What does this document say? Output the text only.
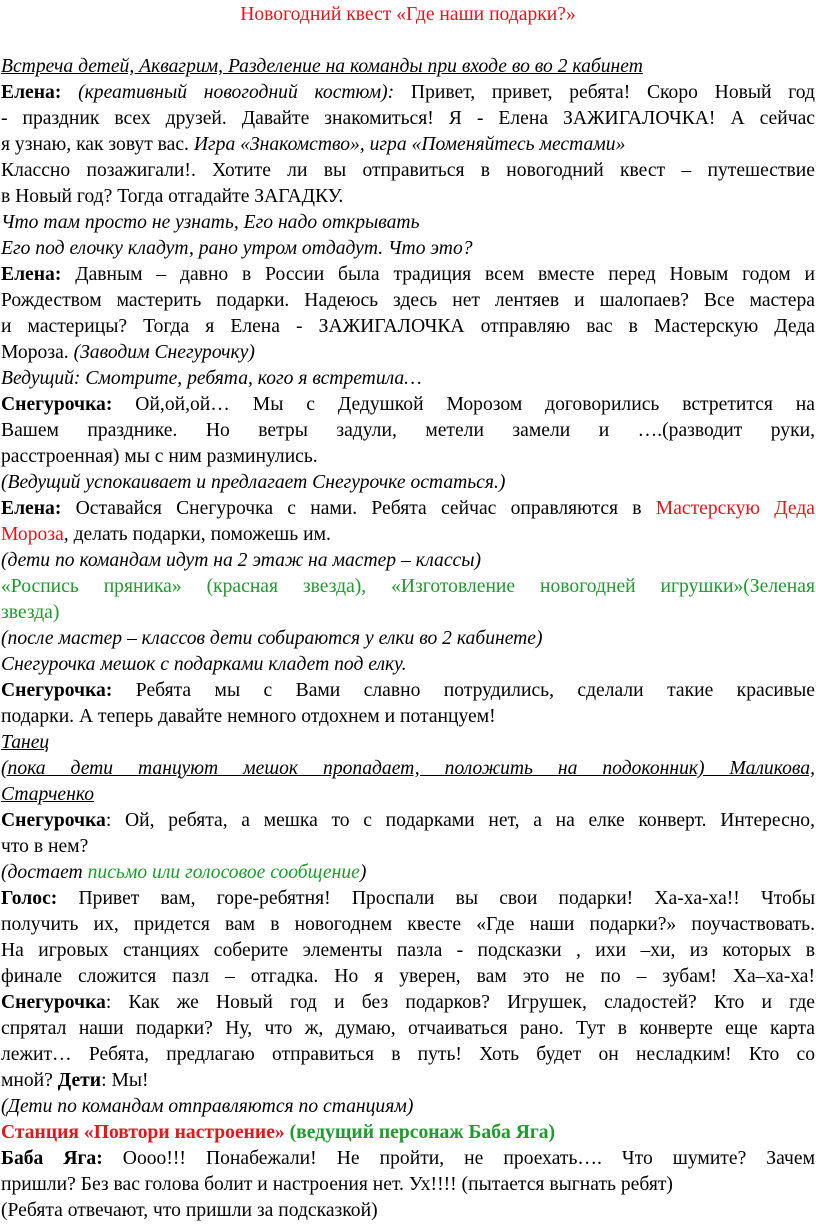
Новогодний квест «Где наши подарки?»
Встреча детей, Аквагрим, Разделение на команды при входе во во 2 кабинет
Елена: (креативный новогодний костюм): Привет, привет, ребята! Скоро Новый год
- праздник всех друзей. Давайте знакомиться! Я - Елена ЗАЖИГАЛОЧКА! А сейчас
я узнаю, как зовут вас. Игра «Знакомство», игра «Поменяйтесь местами»
Классно позажигали!. Хотите ли вы отправиться в новогодний квест – путешествие
в Новый год? Тогда отгадайте ЗАГАДКУ.
Что там просто не узнать, Его надо открывать
Его под елочку кладут, рано утром отдадут. Что это?
Елена: Давным – давно в России была традиция всем вместе перед Новым годом и
Рождеством мастерить подарки. Надеюсь здесь нет лентяев и шалопаев? Все мастера
и мастерицы? Тогда я Елена - ЗАЖИГАЛОЧКА отправляю вас в Мастерскую Деда
Мороза. (Заводим Снегурочку)
Ведущий: Смотрите, ребята, кого я встретила…
Снегурочка: Ой,ой,ой… Мы с Дедушкой Морозом договорились встретится на
Вашем празднике. Но ветры задули, метели замели и ….(разводит руки,
расстроенная) мы с ним разминулись.
(Ведущий успокаивает и предлагает Снегурочке остаться.)
Елена: Оставайся Снегурочка с нами. Ребята сейчас оправляются в Мастерскую Деда
Мороза, делать подарки, поможешь им.
(дети по командам идут на 2 этаж на мастер – классы)
«Роспись пряника» (красная звезда), «Изготовление новогодней игрушки»(Зеленая
звезда)
(после мастер – классов дети собираются у елки во 2 кабинете)
Снегурочка мешок с подарками кладет под елку.
Снегурочка: Ребята мы с Вами славно потрудились, сделали такие красивые
подарки. А теперь давайте немного отдохнем и потанцуем!
Танец
(пока дети танцуют мешок пропадает, положить на подоконник) Маликова,
Старченко
Снегурочка: Ой, ребята, а мешка то с подарками нет, а на елке конверт. Интересно,
что в нем?
(достает письмо или голосовое сообщение)
Голос: Привет вам, горе-ребятня! Проспали вы свои подарки! Ха-ха-ха!! Чтобы
получить их, придется вам в новогоднем квесте «Где наши подарки?» поучаствовать.
На игровых станциях соберите элементы пазла - подсказки , ихи –хи, из которых в
финале сложится пазл – отгадка. Но я уверен, вам это не по – зубам! Ха–ха-ха!
Снегурочка: Как же Новый год и без подарков? Игрушек, сладостей? Кто и где
спрятал наши подарки? Ну, что ж, думаю, отчаиваться рано. Тут в конверте еще карта
лежит… Ребята, предлагаю отправиться в путь! Хоть будет он несладким! Кто со
мной? Дети: Мы!
(Дети по командам отправляются по станциям)
Станция «Повтори настроение» (ведущий персонаж Баба Яга)
Баба Яга: Оооо!!! Понабежали! Не пройти, не проехать…. Что шумите? Зачем
пришли? Без вас голова болит и настроения нет. Ух!!!! (пытается выгнать ребят)
(Ребята отвечают, что пришли за подсказкой)
